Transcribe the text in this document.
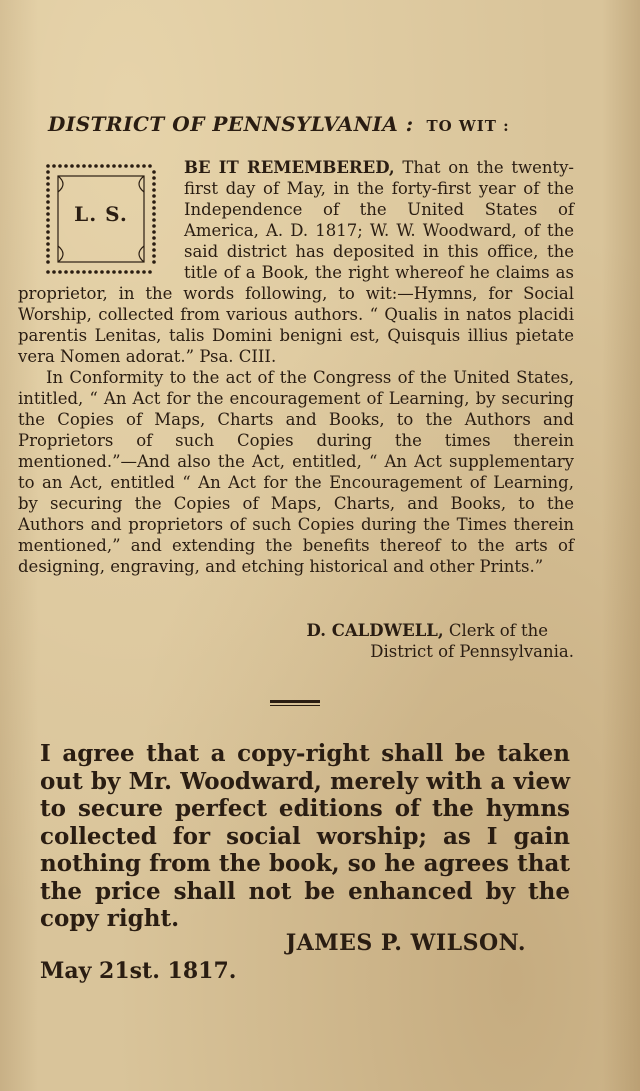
DISTRICT OF PENNSYLVANIA : TO WIT :
L. S.

BE IT REMEMBERED, That on the twenty-first day of May, in the forty-first year of the Independence of the United States of America, A. D. 1817; W. W. Woodward, of the said district has deposited in this office, the title of a Book, the right whereof he claims as proprietor, in the words following, to wit:—Hymns, for Social Worship, collected from various authors. “ Qualis in natos placidi parentis Lenitas, talis Domini benigni est, Quisquis illius pietate vera Nomen adorat.” Psa. CIII.

In Conformity to the act of the Congress of the United States, intitled, “ An Act for the encouragement of Learning, by securing the Copies of Maps, Charts and Books, to the Authors and Proprietors of such Copies during the times therein mentioned.”—And also the Act, entitled, “ An Act supplementary to an Act, entitled “ An Act for the Encouragement of Learning, by securing the Copies of Maps, Charts, and Books, to the Authors and proprietors of such Copies during the Times therein mentioned,” and extending the benefits thereof to the arts of designing, engraving, and etching historical and other Prints.”

D. CALDWELL, Clerk of the
District of Pennsylvania.

I agree that a copy-right shall be taken out by Mr. Woodward, merely with a view to secure perfect editions of the hymns collected for social worship; as I gain nothing from the book, so he agrees that the price shall not be enhanced by the copy right.

JAMES P. WILSON.
May 21st. 1817.
